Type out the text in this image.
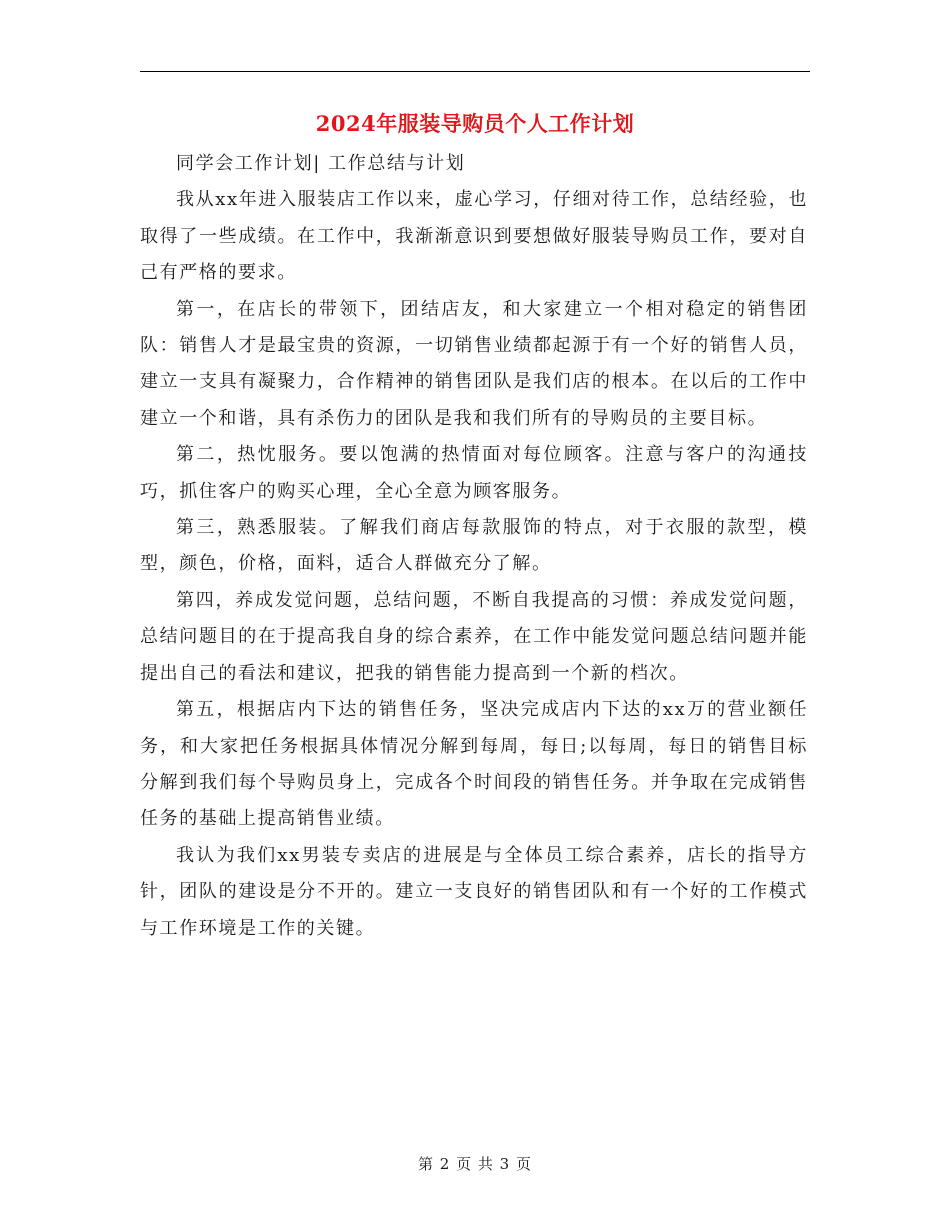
2024年服装导购员个人工作计划

同学会工作计划| 工作总结与计划

我从xx年进入服装店工作以来，虚心学习，仔细对待工作，总结经验，也取得了一些成绩。在工作中，我渐渐意识到要想做好服装导购员工作，要对自己有严格的要求。

第一，在店长的带领下，团结店友，和大家建立一个相对稳定的销售团队：销售人才是最宝贵的资源，一切销售业绩都起源于有一个好的销售人员，建立一支具有凝聚力，合作精神的销售团队是我们店的根本。在以后的工作中建立一个和谐，具有杀伤力的团队是我和我们所有的导购员的主要目标。

第二，热忱服务。要以饱满的热情面对每位顾客。注意与客户的沟通技巧，抓住客户的购买心理，全心全意为顾客服务。

第三，熟悉服装。了解我们商店每款服饰的特点，对于衣服的款型，模型，颜色，价格，面料，适合人群做充分了解。

第四，养成发觉问题，总结问题，不断自我提高的习惯：养成发觉问题，总结问题目的在于提高我自身的综合素养，在工作中能发觉问题总结问题并能提出自己的看法和建议，把我的销售能力提高到一个新的档次。

第五，根据店内下达的销售任务，坚决完成店内下达的xx万的营业额任务，和大家把任务根据具体情况分解到每周，每日;以每周，每日的销售目标分解到我们每个导购员身上，完成各个时间段的销售任务。并争取在完成销售任务的基础上提高销售业绩。

我认为我们xx男装专卖店的进展是与全体员工综合素养，店长的指导方针，团队的建设是分不开的。建立一支良好的销售团队和有一个好的工作模式与工作环境是工作的关键。

第 2 页 共 3 页
